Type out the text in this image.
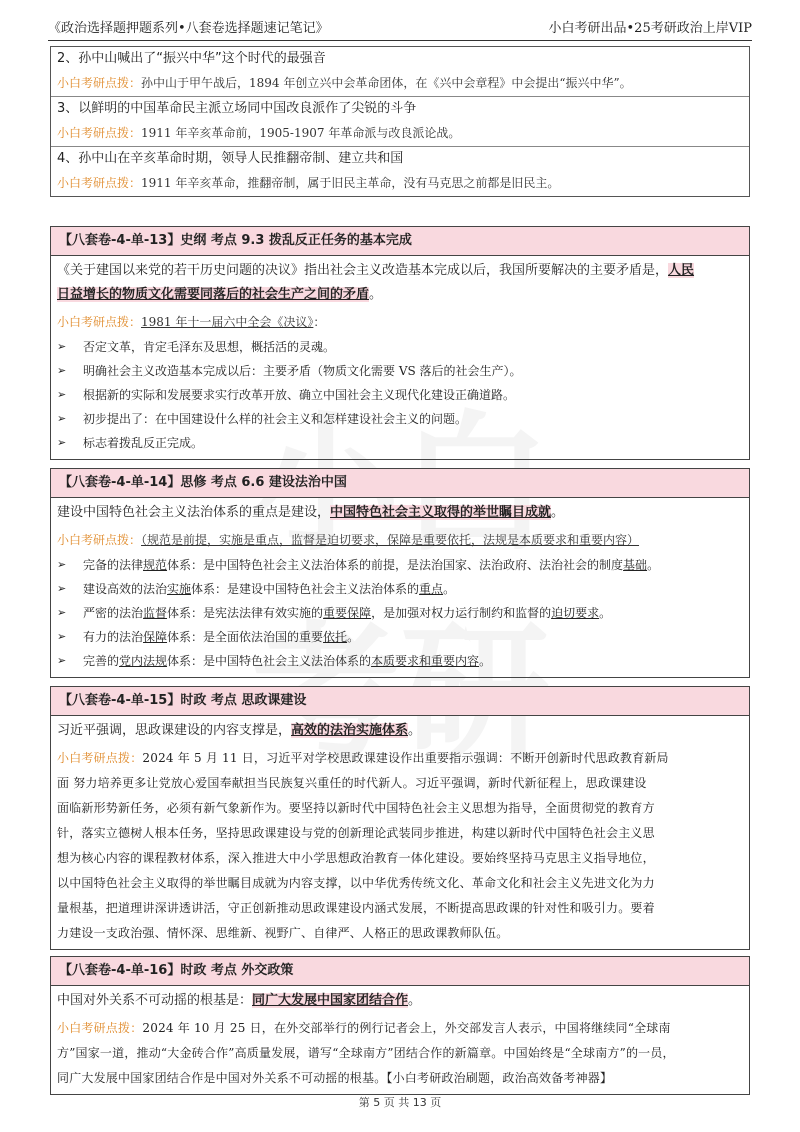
《政治选择题押题系列•八套卷选择题速记笔记》	小白考研出品•25考研政治上岸VIP
2、孙中山喊出了“振兴中华”这个时代的最强音
小白考研点拨：孙中山于甲午战后，1894 年创立兴中会革命团体，在《兴中会章程》中会提出“振兴中华”。
3、以鲜明的中国革命民主派立场同中国改良派作了尖锐的斗争
小白考研点拨：1911 年辛亥革命前，1905-1907 年革命派与改良派论战。
4、孙中山在辛亥革命时期，领导人民推翻帝制、建立共和国
小白考研点拨：1911 年辛亥革命，推翻帝制，属于旧民主革命，没有马克思之前都是旧民主。
【八套卷-4-单-13】史纲 考点 9.3 拨乱反正任务的基本完成
《关于建国以来党的若干历史问题的决议》指出社会主义改造基本完成以后，我国所要解决的主要矛盾是，人民
日益增长的物质文化需要同落后的社会生产之间的矛盾。
小白考研点拨：1981 年十一届六中全会《决议》：
➢	否定文革，肯定毛泽东及思想，概括活的灵魂。
➢	明确社会主义改造基本完成以后：主要矛盾（物质文化需要 VS 落后的社会生产）。
➢	根据新的实际和发展要求实行改革开放、确立中国社会主义现代化建设正确道路。
➢	初步提出了：在中国建设什么样的社会主义和怎样建设社会主义的问题。
➢	标志着拨乱反正完成。
【八套卷-4-单-14】思修 考点 6.6 建设法治中国
建设中国特色社会主义法治体系的重点是建设，中国特色社会主义取得的举世瞩目成就。
小白考研点拨：（规范是前提，实施是重点，监督是迫切要求，保障是重要依托，法规是本质要求和重要内容）
➢	完备的法律规范体系：是中国特色社会主义法治体系的前提，是法治国家、法治政府、法治社会的制度基础。
➢	建设高效的法治实施体系：是建设中国特色社会主义法治体系的重点。
➢	严密的法治监督体系：是宪法法律有效实施的重要保障，是加强对权力运行制约和监督的迫切要求。
➢	有力的法治保障体系：是全面依法治国的重要依托。
➢	完善的党内法规体系：是中国特色社会主义法治体系的本质要求和重要内容。
【八套卷-4-单-15】时政 考点 思政课建设
习近平强调，思政课建设的内容支撑是，高效的法治实施体系。
小白考研点拨：2024 年 5 月 11 日，习近平对学校思政课建设作出重要指示强调：不断开创新时代思政教育新局
面 努力培养更多让党放心爱国奉献担当民族复兴重任的时代新人。习近平强调，新时代新征程上，思政课建设
面临新形势新任务，必须有新气象新作为。要坚持以新时代中国特色社会主义思想为指导，全面贯彻党的教育方
针，落实立德树人根本任务，坚持思政课建设与党的创新理论武装同步推进，构建以新时代中国特色社会主义思
想为核心内容的课程教材体系，深入推进大中小学思想政治教育一体化建设。要始终坚持马克思主义指导地位，
以中国特色社会主义取得的举世瞩目成就为内容支撑，以中华优秀传统文化、革命文化和社会主义先进文化为力
量根基，把道理讲深讲透讲活，守正创新推动思政课建设内涵式发展，不断提高思政课的针对性和吸引力。要着
力建设一支政治强、情怀深、思维新、视野广、自律严、人格正的思政课教师队伍。
【八套卷-4-单-16】时政 考点 外交政策
中国对外关系不可动摇的根基是：同广大发展中国家团结合作。
小白考研点拨：2024 年 10 月 25 日，在外交部举行的例行记者会上，外交部发言人表示，中国将继续同“全球南
方”国家一道，推动“大金砖合作”高质量发展，谱写“全球南方”团结合作的新篇章。中国始终是“全球南方”的一员，
同广大发展中国家团结合作是中国对外关系不可动摇的根基。【小白考研政治刷题，政治高效备考神器】
第 5 页 共 13 页
